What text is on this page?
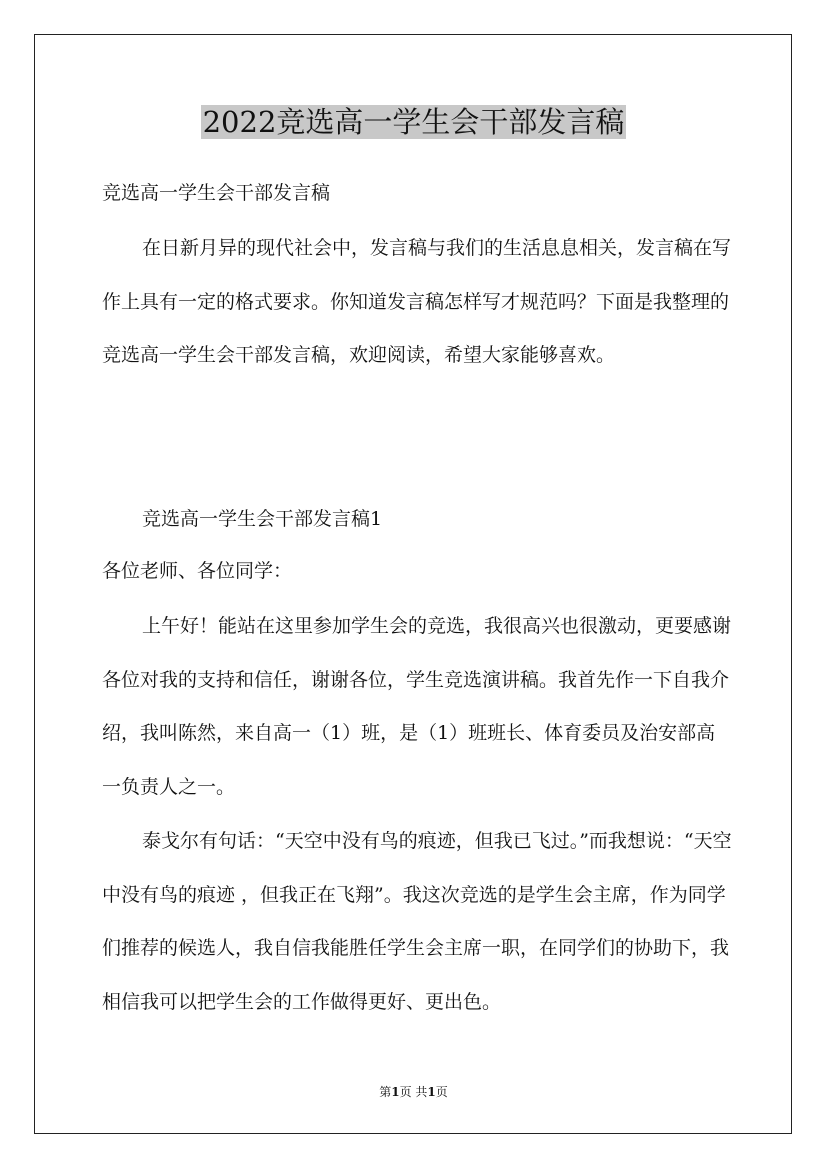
2022竞选高一学生会干部发言稿

竞选高一学生会干部发言稿

在日新月异的现代社会中，发言稿与我们的生活息息相关，发言稿在写作上具有一定的格式要求。你知道发言稿怎样写才规范吗？下面是我整理的竞选高一学生会干部发言稿，欢迎阅读，希望大家能够喜欢。

竞选高一学生会干部发言稿1

各位老师、各位同学：

上午好！能站在这里参加学生会的竞选，我很高兴也很激动，更要感谢各位对我的支持和信任，谢谢各位，学生竞选演讲稿。我首先作一下自我介绍，我叫陈然，来自高一（1）班，是（1）班班长、体育委员及治安部高一负责人之一。

泰戈尔有句话：“天空中没有鸟的痕迹，但我已飞过。”而我想说：“天空中没有鸟的痕迹 ，但我正在飞翔”。我这次竞选的是学生会主席，作为同学们推荐的候选人，我自信我能胜任学生会主席一职，在同学们的协助下，我相信我可以把学生会的工作做得更好、更出色。

第1页 共1页
